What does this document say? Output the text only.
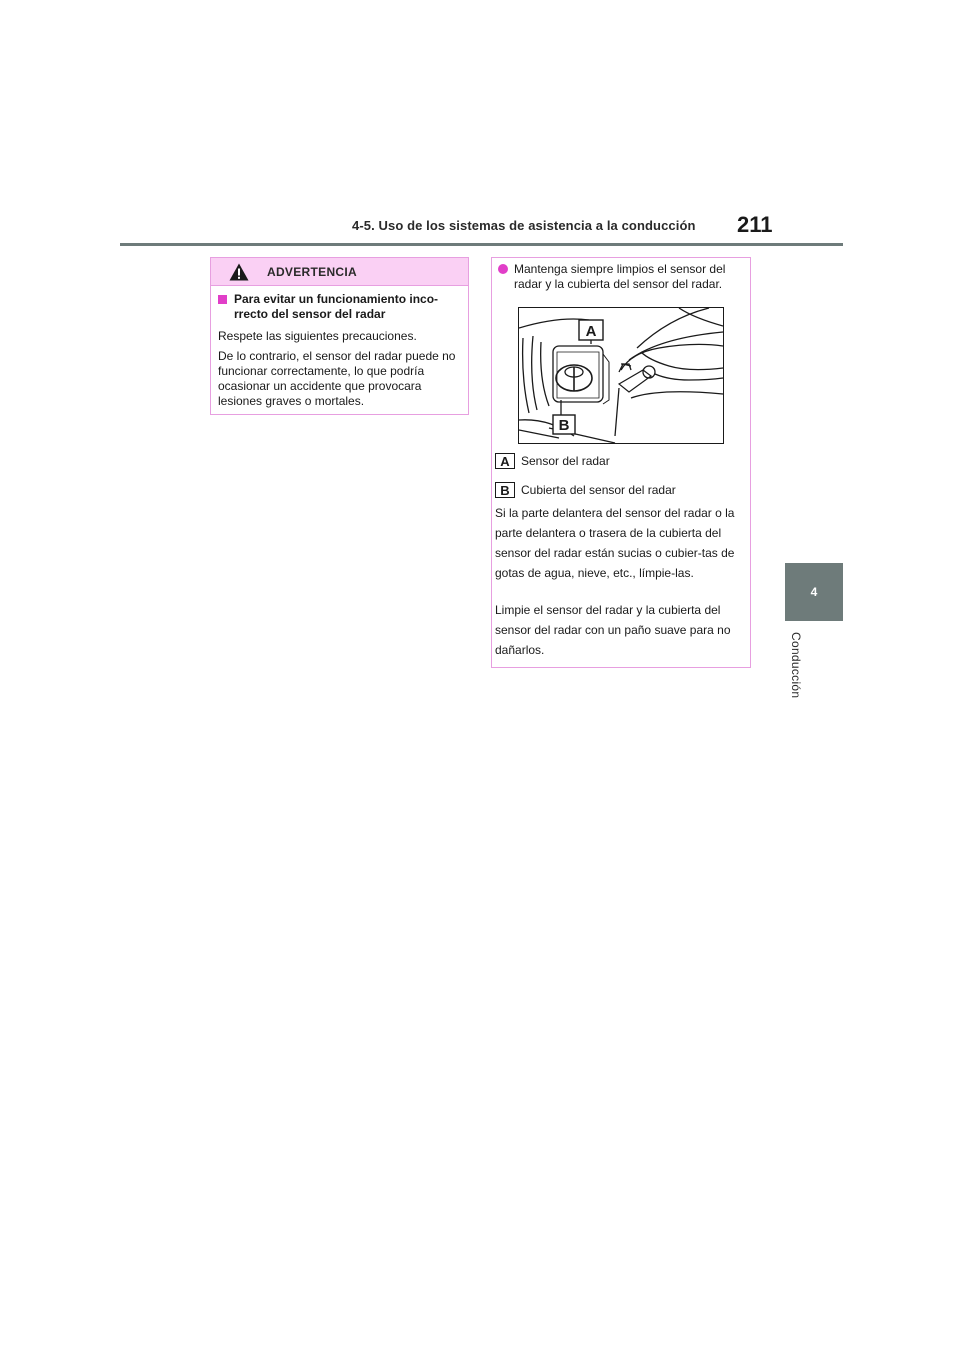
4-5. Uso de los sistemas de asistencia a la conducción 211
4
Conducción
ADVERTENCIA
Para evitar un funcionamiento inco-rrecto del sensor del radar

Respete las siguientes precauciones.

De lo contrario, el sensor del radar puede no funcionar correctamente, lo que podría ocasionar un accidente que provocara lesiones graves o mortales.

Mantenga siempre limpios el sensor del radar y la cubierta del sensor del radar.
A
B
A Sensor del radar
B Cubierta del sensor del radar
Si la parte delantera del sensor del radar o la parte delantera o trasera de la cubierta del sensor del radar están sucias o cubier-tas de gotas de agua, nieve, etc., límpie-las.
Limpie el sensor del radar y la cubierta del sensor del radar con un paño suave para no dañarlos.
